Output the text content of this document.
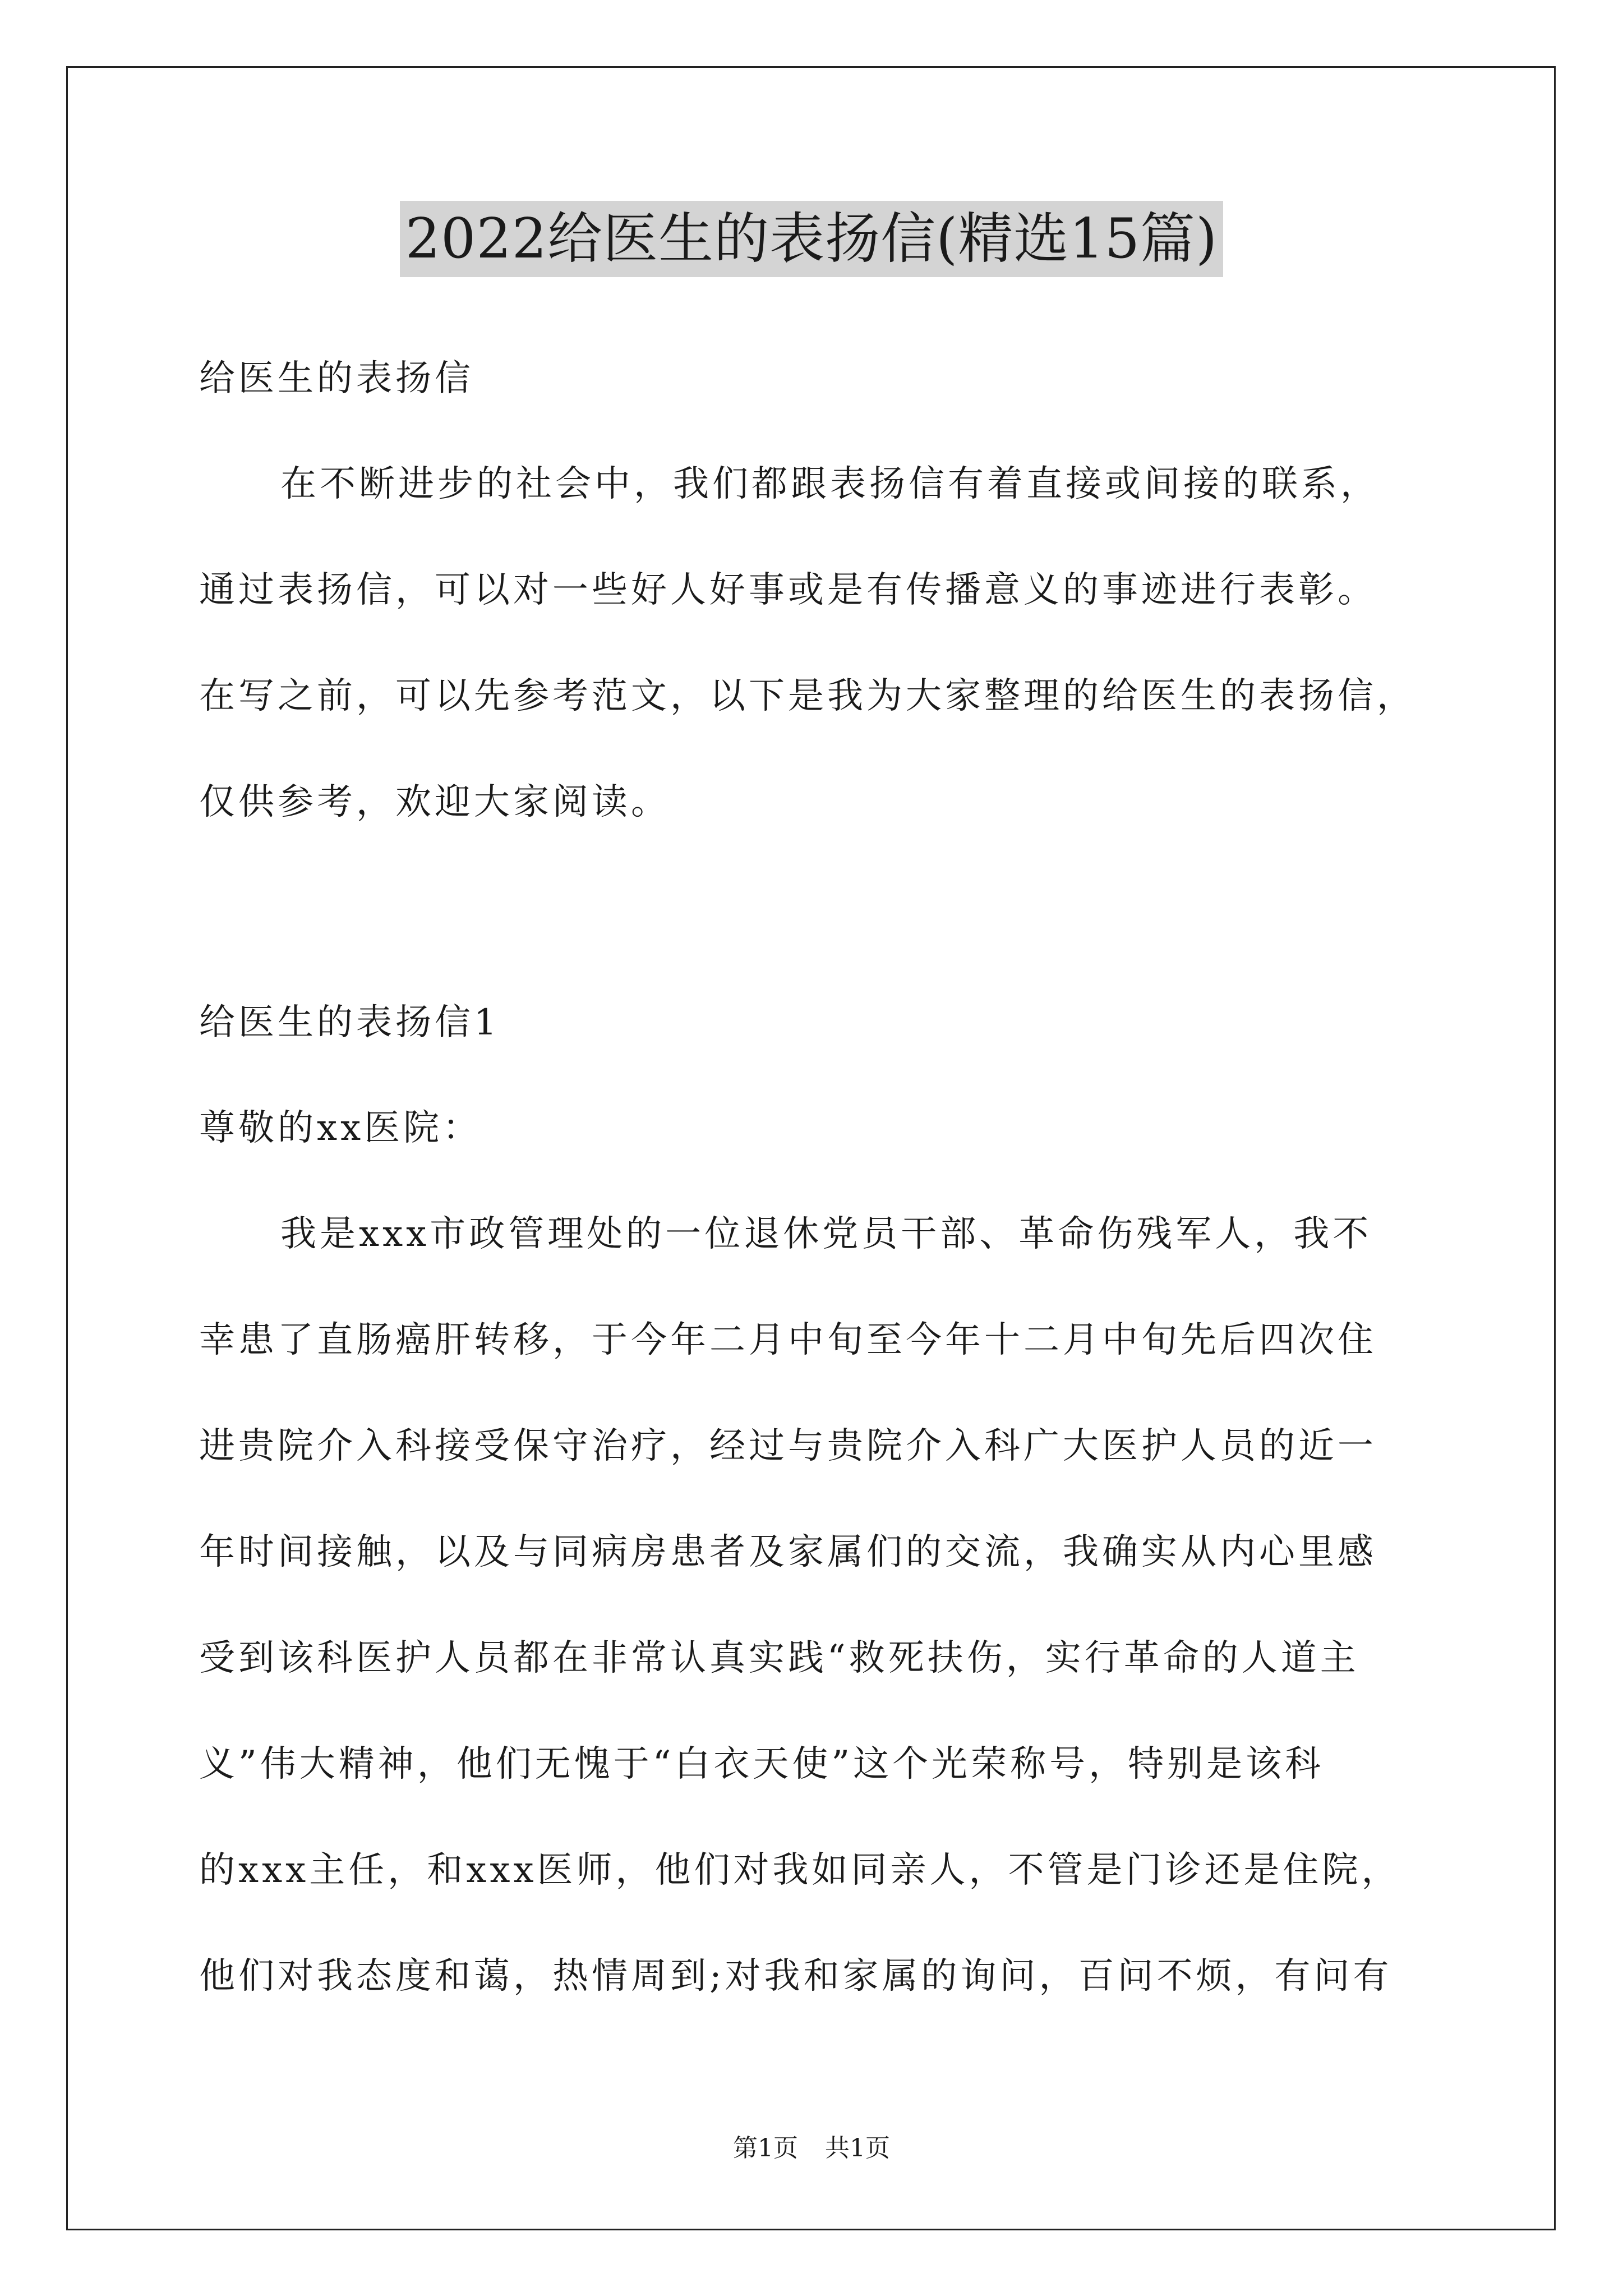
2022给医生的表扬信(精选15篇)
给医生的表扬信
在不断进步的社会中，我们都跟表扬信有着直接或间接的联系，
通过表扬信，可以对一些好人好事或是有传播意义的事迹进行表彰。
在写之前，可以先参考范文，以下是我为大家整理的给医生的表扬信，
仅供参考，欢迎大家阅读。
给医生的表扬信1
尊敬的xx医院：
我是xxx市政管理处的一位退休党员干部、革命伤残军人，我不
幸患了直肠癌肝转移，于今年二月中旬至今年十二月中旬先后四次住
进贵院介入科接受保守治疗，经过与贵院介入科广大医护人员的近一
年时间接触，以及与同病房患者及家属们的交流，我确实从内心里感
受到该科医护人员都在非常认真实践“救死扶伤，实行革命的人道主
义”伟大精神，他们无愧于“白衣天使”这个光荣称号，特别是该科
的xxx主任，和xxx医师，他们对我如同亲人，不管是门诊还是住院，
他们对我态度和蔼，热情周到;对我和家属的询问，百问不烦，有问有
第1页 共1页
